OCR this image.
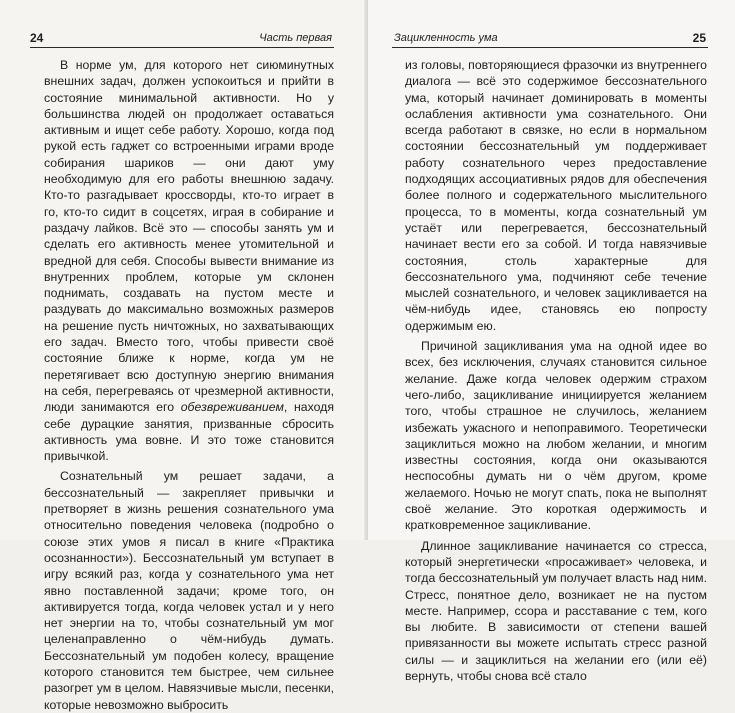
24	Часть первая

В норме ум, для которого нет сиюминутных внешних задач, должен успокоиться и прийти в состояние минимальной активности. Но у большинства людей он продолжает оставаться активным и ищет себе работу. Хорошо, когда под рукой есть гаджет со встроенными играми вроде собирания шариков — они дают уму необходимую для его работы внешнюю задачу. Кто-то разгадывает кроссворды, кто-то играет в го, кто-то сидит в соцсетях, играя в собирание и раздачу лайков. Всё это — способы занять ум и сделать его активность менее утомительной и вредной для себя. Способы вывести внимание из внутренних проблем, которые ум склонен поднимать, создавать на пустом месте и раздувать до максимально возможных размеров на решение пусть ничтожных, но захватывающих его задач. Вместо того, чтобы привести своё состояние ближе к норме, когда ум не перетягивает всю доступную энергию внимания на себя, перегреваясь от чрезмерной активности, люди занимаются его обезвреживанием, находя себе дурацкие занятия, призванные сбросить активность ума вовне. И это тоже становится привычкой.

Сознательный ум решает задачи, а бессознательный — закрепляет привычки и претворяет в жизнь решения сознательного ума относительно поведения человека (подробно о союзе этих умов я писал в книге «Практика осознанности»). Бессознательный ум вступает в игру всякий раз, когда у сознательного ума нет явно поставленной задачи; кроме того, он активируется тогда, когда человек устал и у него нет энергии на то, чтобы сознательный ум мог целенаправленно о чём-нибудь думать. Бессознательный ум подобен колесу, вращение которого становится тем быстрее, чем сильнее разогрет ум в целом. Навязчивые мысли, песенки, которые невозможно выбросить

Зацикленность ума	25

из головы, повторяющиеся фразочки из внутреннего диалога — всё это содержимое бессознательного ума, который начинает доминировать в моменты ослабления активности ума сознательного. Они всегда работают в связке, но если в нормальном состоянии бессознательный ум поддерживает работу сознательного через предоставление подходящих ассоциативных рядов для обеспечения более полного и содержательного мыслительного процесса, то в моменты, когда сознательный ум устаёт или перегревается, бессознательный начинает вести его за собой. И тогда навязчивые состояния, столь характерные для бессознательного ума, подчиняют себе течение мыслей сознательного, и человек зацикливается на чём-нибудь идее, становясь ею попросту одержимым ею.

Причиной зацикливания ума на одной идее во всех, без исключения, случаях становится сильное желание. Даже когда человек одержим страхом чего-либо, зацикливание инициируется желанием того, чтобы страшное не случилось, желанием избежать ужасного и непоправимого. Теоретически зациклиться можно на любом желании, и многим известны состояния, когда они оказываются неспособны думать ни о чём другом, кроме желаемого. Ночью не могут спать, пока не выполнят своё желание. Это короткая одержимость и кратковременное зацикливание.

Длинное зацикливание начинается со стресса, который энергетически «просаживает» человека, и тогда бессознательный ум получает власть над ним. Стресс, понятное дело, возникает не на пустом месте. Например, ссора и расставание с тем, кого вы любите. В зависимости от степени вашей привязанности вы можете испытать стресс разной силы — и зациклиться на желании его (или её) вернуть, чтобы снова всё стало
